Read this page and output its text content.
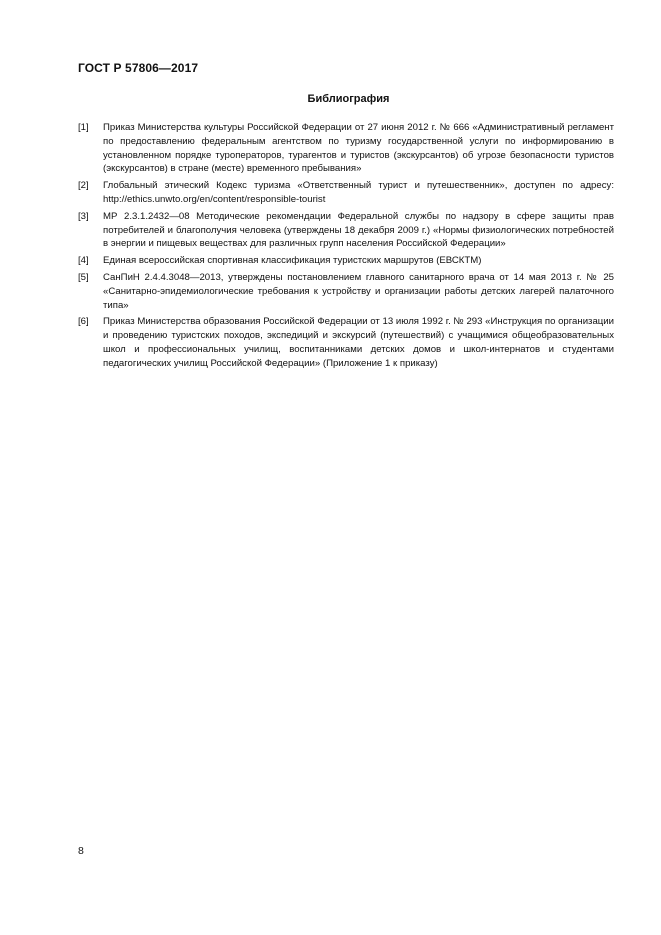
ГОСТ Р 57806—2017
Библиография
[1]	Приказ Министерства культуры Российской Федерации от 27 июня 2012 г. № 666 «Административный регламент по предоставлению федеральным агентством по туризму государственной услуги по информированию в установленном порядке туроператоров, турагентов и туристов (экскурсантов) об угрозе безопасности туристов (экскурсантов) в стране (месте) временного пребывания»
[2]	Глобальный этический Кодекс туризма «Ответственный турист и путешественник», доступен по адресу: http://ethics.unwto.org/en/content/responsible-tourist
[3]	МР 2.3.1.2432—08 Методические рекомендации Федеральной службы по надзору в сфере защиты прав потребителей и благополучия человека (утверждены 18 декабря 2009 г.) «Нормы физиологических потребностей в энергии и пищевых веществах для различных групп населения Российской Федерации»
[4]	Единая всероссийская спортивная классификация туристских маршрутов (ЕВСКТМ)
[5]	СанПиН 2.4.4.3048—2013, утверждены постановлением главного санитарного врача от 14 мая 2013 г. № 25 «Санитарно-эпидемиологические требования к устройству и организации работы детских лагерей палаточного типа»
[6]	Приказ Министерства образования Российской Федерации от 13 июля 1992 г. № 293 «Инструкция по организации и проведению туристских походов, экспедиций и экскурсий (путешествий) с учащимися общеобразовательных школ и профессиональных училищ, воспитанниками детских домов и школ-интернатов и студентами педагогических училищ Российской Федерации» (Приложение 1 к приказу)
8
